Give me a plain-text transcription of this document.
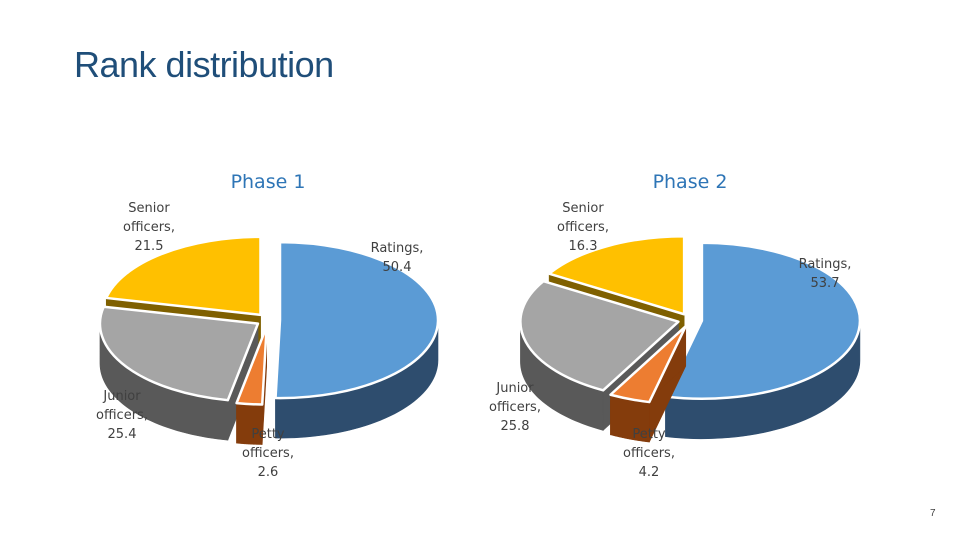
Rank distribution
Phase 1
Ratings, 50.4
Petty officers, 2.6
Junior officers, 25.4
Senior officers, 21.5
Phase 2
Ratings, 53.7
Petty officers, 4.2
Junior officers, 25.8
Senior officers, 16.3
7
